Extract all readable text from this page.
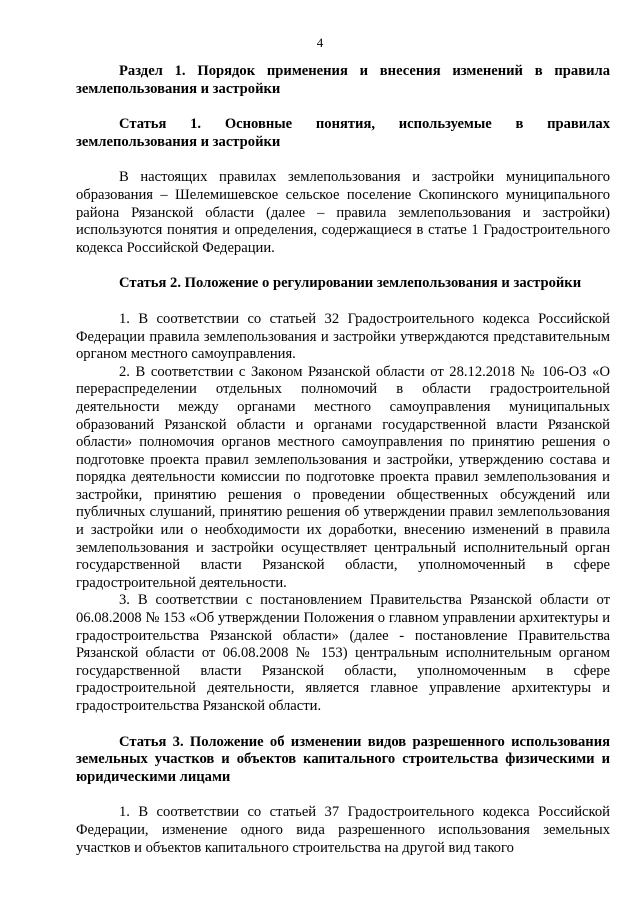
4

Раздел 1. Порядок применения и внесения изменений в правила землепользования и застройки

Статья 1. Основные понятия, используемые в правилах землепользования и застройки

В настоящих правилах землепользования и застройки муниципального образования – Шелемишевское сельское поселение Скопинского муниципального района Рязанской области (далее – правила землепользования и застройки) используются понятия и определения, содержащиеся в статье 1 Градостроительного кодекса Российской Федерации.

Статья 2. Положение о регулировании землепользования и застройки

1. В соответствии со статьей 32 Градостроительного кодекса Российской Федерации правила землепользования и застройки утверждаются представительным органом местного самоуправления.

2. В соответствии с Законом Рязанской области от 28.12.2018 № 106-ОЗ «О перераспределении отдельных полномочий в области градостроительной деятельности между органами местного самоуправления муниципальных образований Рязанской области и органами государственной власти Рязанской области» полномочия органов местного самоуправления по принятию решения о подготовке проекта правил землепользования и застройки, утверждению состава и порядка деятельности комиссии по подготовке проекта правил землепользования и застройки, принятию решения о проведении общественных обсуждений или публичных слушаний, принятию решения об утверждении правил землепользования и застройки или о необходимости их доработки, внесению изменений в правила землепользования и застройки осуществляет центральный исполнительный орган государственной власти Рязанской области, уполномоченный в сфере градостроительной деятельности.

3. В соответствии с постановлением Правительства Рязанской области от 06.08.2008 № 153 «Об утверждении Положения о главном управлении архитектуры и градостроительства Рязанской области» (далее - постановление Правительства Рязанской области от 06.08.2008 № 153) центральным исполнительным органом государственной власти Рязанской области, уполномоченным в сфере градостроительной деятельности, является главное управление архитектуры и градостроительства Рязанской области.

Статья 3. Положение об изменении видов разрешенного использования земельных участков и объектов капитального строительства физическими и юридическими лицами

1. В соответствии со статьей 37 Градостроительного кодекса Российской Федерации, изменение одного вида разрешенного использования земельных участков и объектов капитального строительства на другой вид такого
